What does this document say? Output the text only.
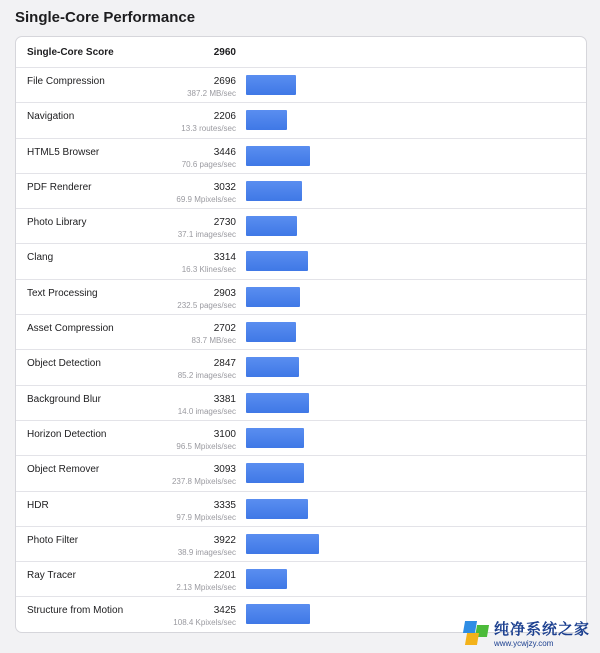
Single-Core Performance
Single-Core Score	2960
File Compression	2696
387.2 MB/sec
Navigation	2206
13.3 routes/sec
HTML5 Browser	3446
70.6 pages/sec
PDF Renderer	3032
69.9 Mpixels/sec
Photo Library	2730
37.1 images/sec
Clang	3314
16.3 Klines/sec
Text Processing	2903
232.5 pages/sec
Asset Compression	2702
83.7 MB/sec
Object Detection	2847
85.2 images/sec
Background Blur	3381
14.0 images/sec
Horizon Detection	3100
96.5 Mpixels/sec
Object Remover	3093
237.8 Mpixels/sec
HDR	3335
97.9 Mpixels/sec
Photo Filter	3922
38.9 images/sec
Ray Tracer	2201
2.13 Mpixels/sec
Structure from Motion	3425
108.4 Kpixels/sec	纯净系统之家
www.ycwjzy.com
